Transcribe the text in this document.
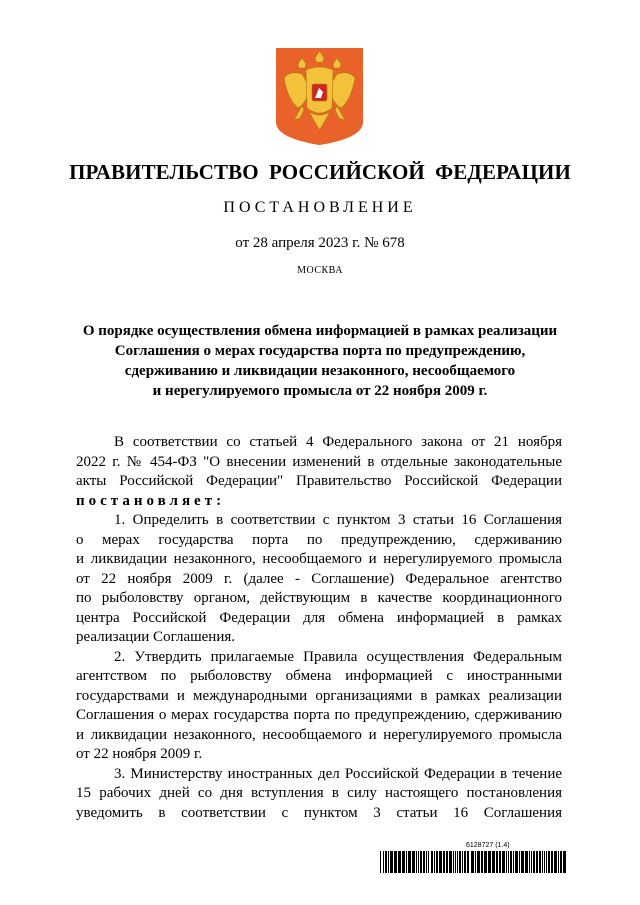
ПРАВИТЕЛЬСТВО РОССИЙСКОЙ ФЕДЕРАЦИИ
ПОСТАНОВЛЕНИЕ
от 28 апреля 2023 г. № 678
МОСКВА
О порядке осуществления обмена информацией в рамках реализации
Соглашения о мерах государства порта по предупреждению,
сдерживанию и ликвидации незаконного, несообщаемого
и нерегулируемого промысла от 22 ноября 2009 г.
В соответствии со статьей 4 Федерального закона от 21 ноября
2022 г. № 454-ФЗ "О внесении изменений в отдельные законодательные
акты Российской Федерации" Правительство Российской Федерации
постановляет:
1. Определить в соответствии с пунктом 3 статьи 16 Соглашения
о мерах государства порта по предупреждению, сдерживанию
и ликвидации незаконного, несообщаемого и нерегулируемого промысла
от 22 ноября 2009 г. (далее - Соглашение) Федеральное агентство
по рыболовству органом, действующим в качестве координационного
центра Российской Федерации для обмена информацией в рамках
реализации Соглашения.
2. Утвердить прилагаемые Правила осуществления Федеральным
агентством по рыболовству обмена информацией с иностранными
государствами и международными организациями в рамках реализации
Соглашения о мерах государства порта по предупреждению, сдерживанию
и ликвидации незаконного, несообщаемого и нерегулируемого промысла
от 22 ноября 2009 г.
3. Министерству иностранных дел Российской Федерации в течение
15 рабочих дней со дня вступления в силу настоящего постановления
уведомить в соответствии с пунктом 3 статьи 16 Соглашения
6128727 (1.4)
